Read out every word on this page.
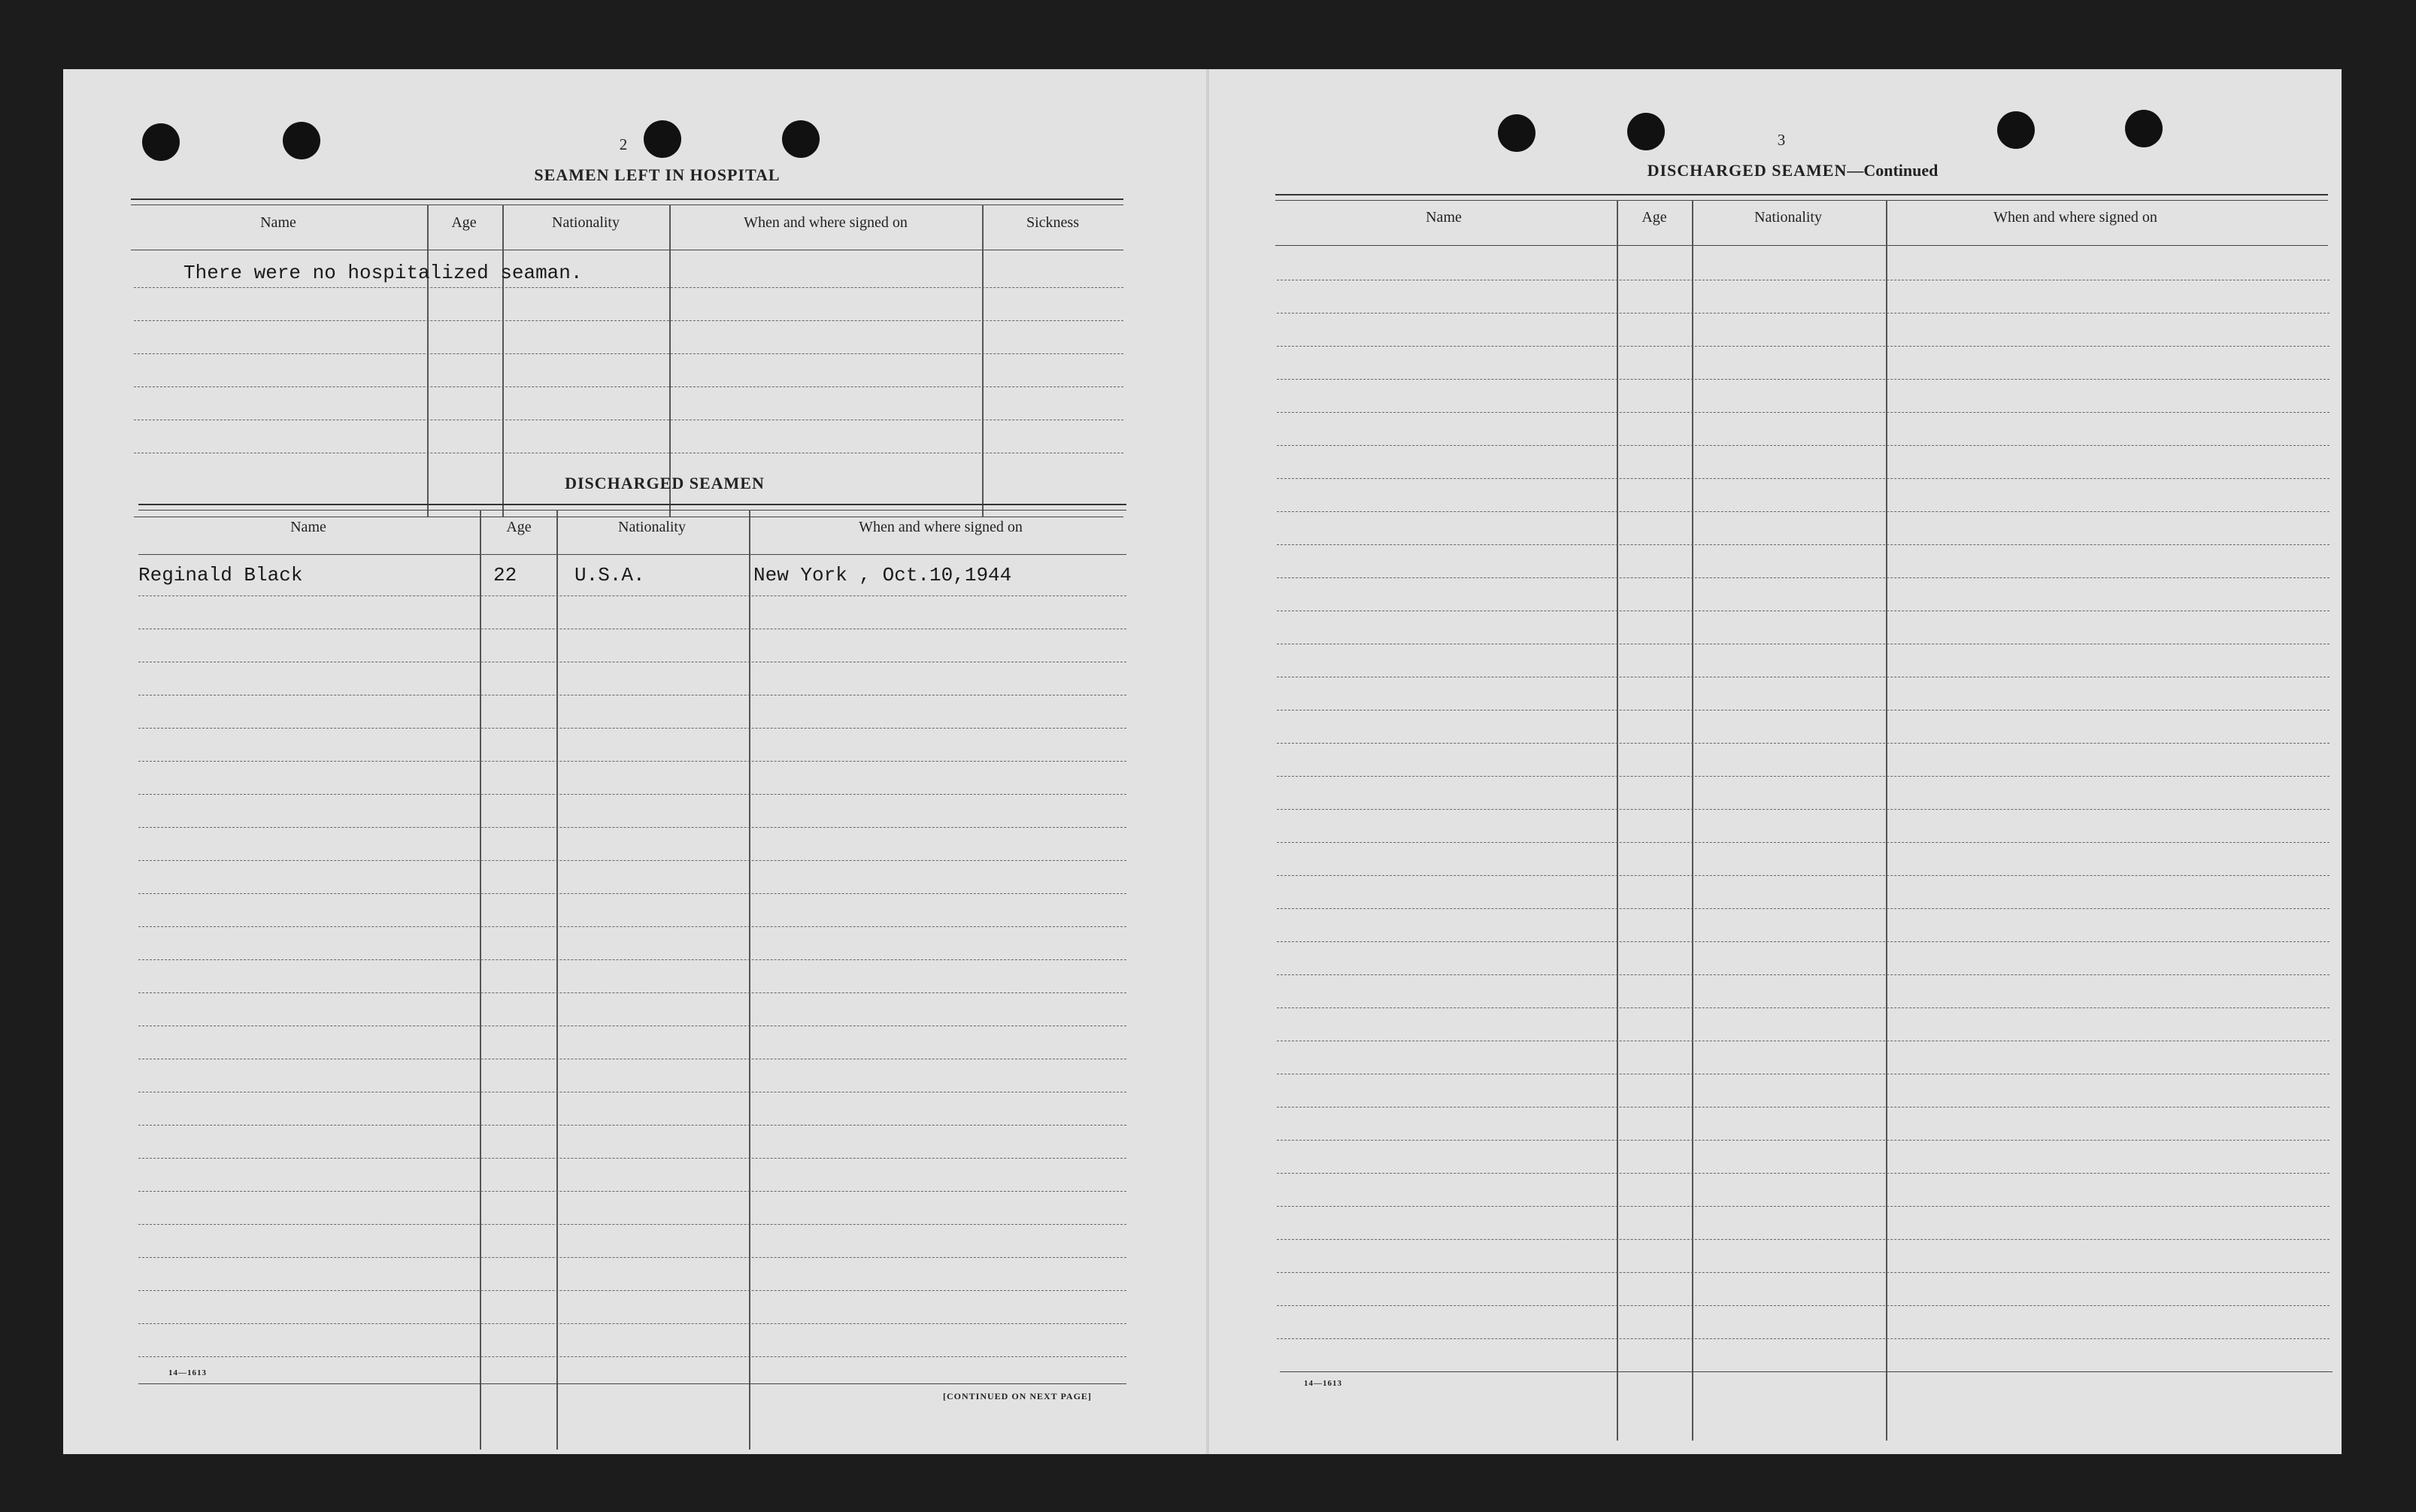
2
SEAMEN LEFT IN HOSPITAL
Name	Age	Nationality	When and where signed on	Sickness
There were no hospitalized seaman.
DISCHARGED SEAMEN
Name	Age	Nationality	When and where signed on
Reginald Black	22	U.S.A.	New York , Oct.10,1944
14—1613
[CONTINUED ON NEXT PAGE]
3
DISCHARGED SEAMEN—Continued
Name	Age	Nationality	When and where signed on
14—1613
